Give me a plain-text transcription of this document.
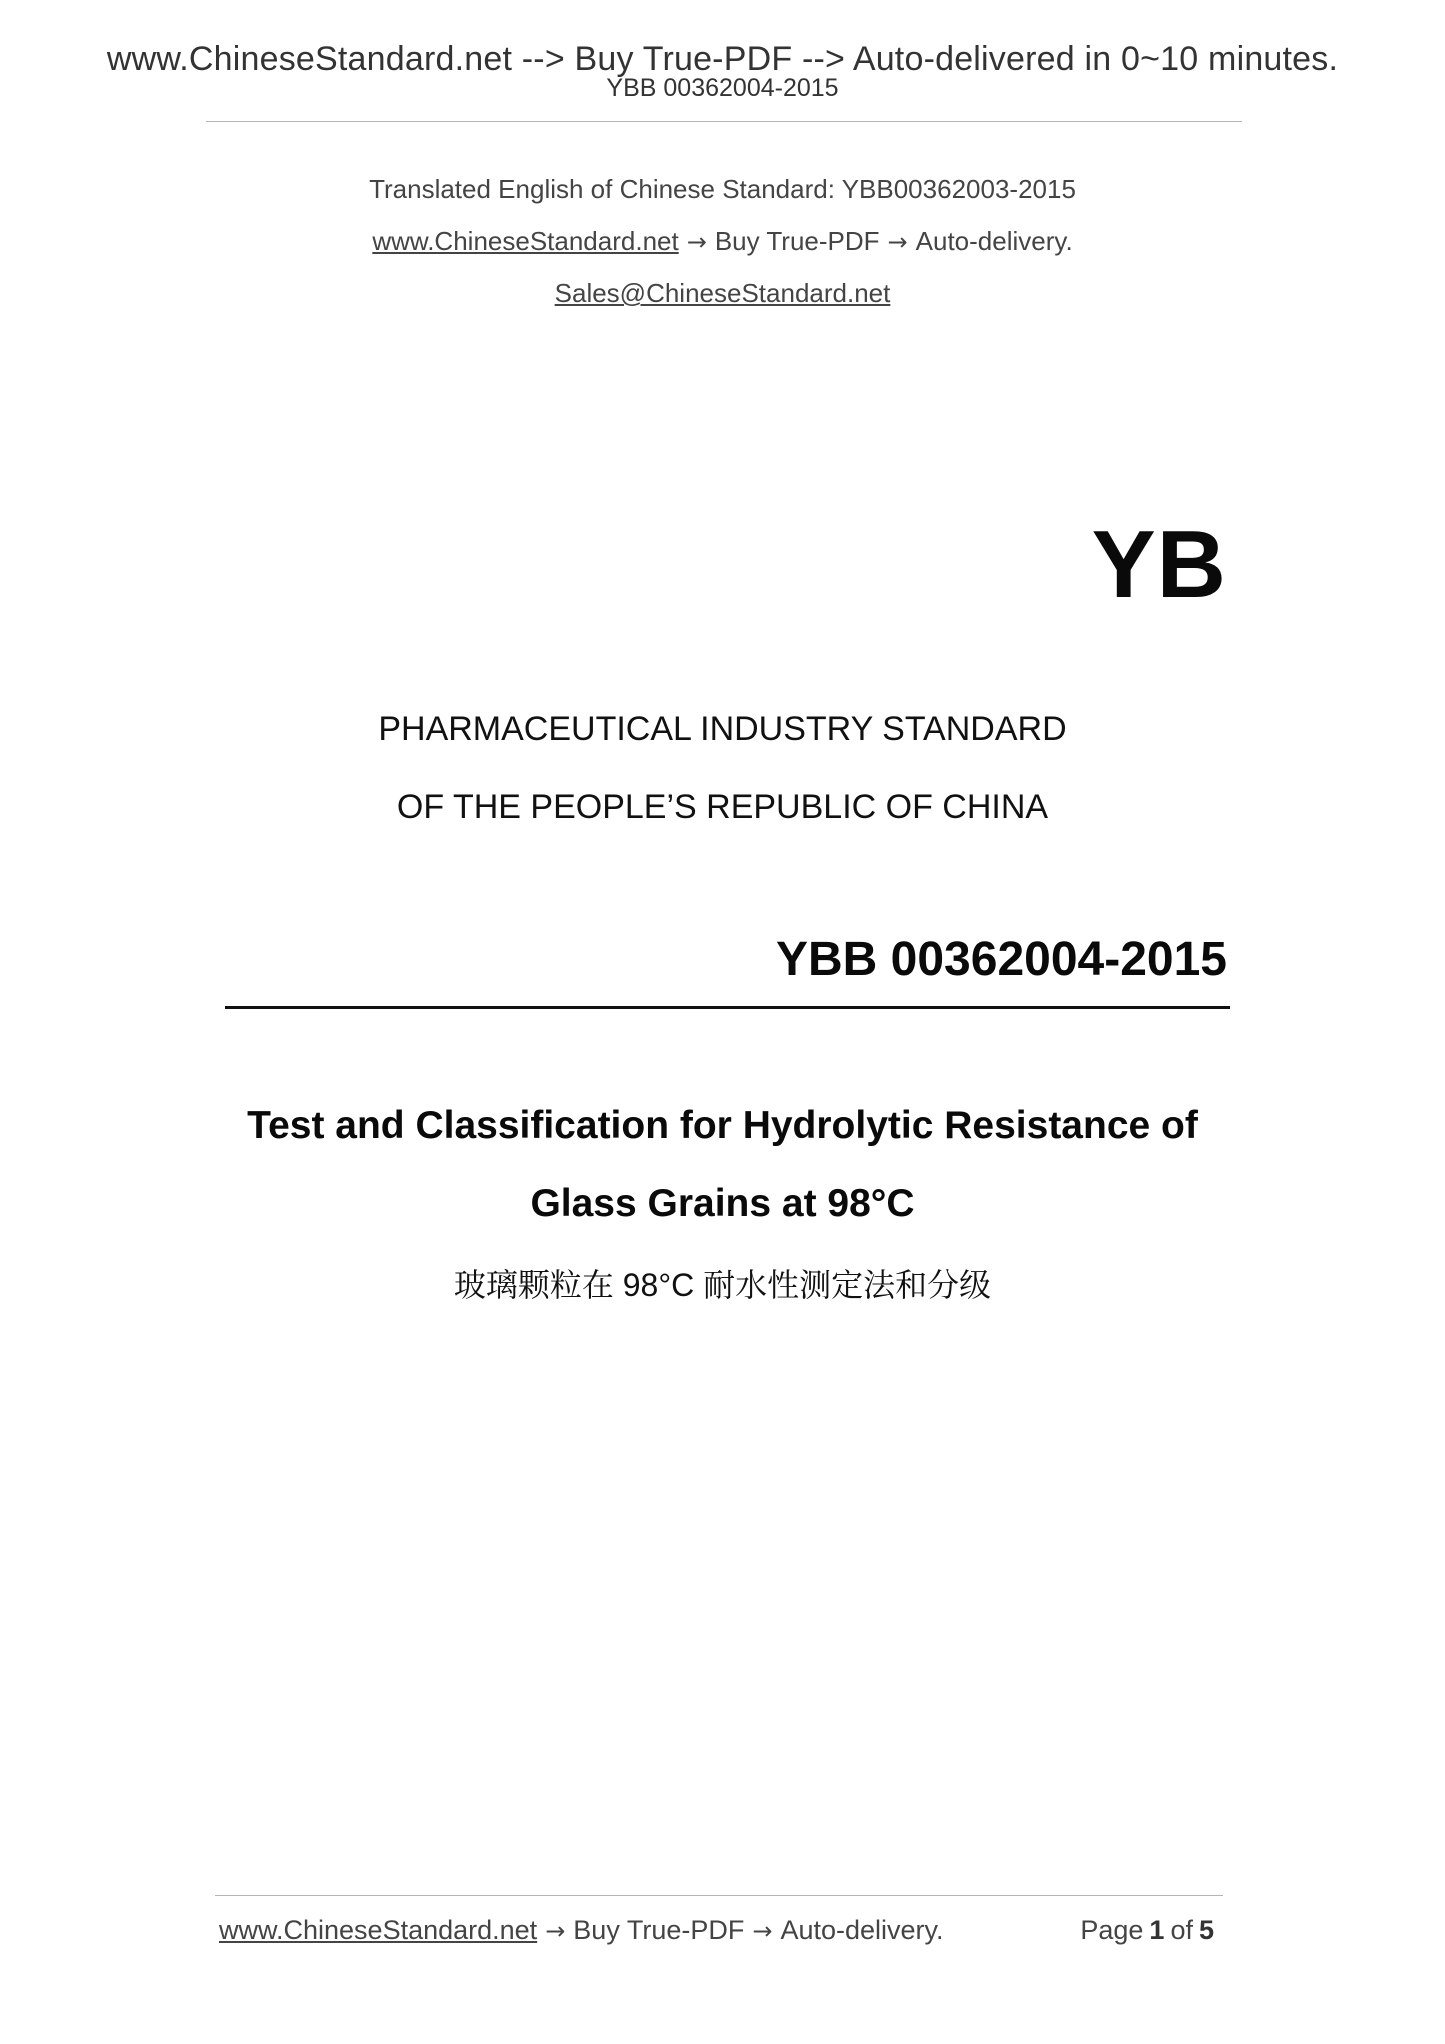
www.ChineseStandard.net --> Buy True-PDF --> Auto-delivered in 0~10 minutes.
YBB 00362004-2015
Translated English of Chinese Standard: YBB00362003-2015
www.ChineseStandard.net → Buy True-PDF → Auto-delivery.
Sales@ChineseStandard.net
YB
PHARMACEUTICAL INDUSTRY STANDARD
OF THE PEOPLE’S REPUBLIC OF CHINA
YBB 00362004-2015
Test and Classification for Hydrolytic Resistance of
Glass Grains at 98°C
玻璃颗粒在 98°C 耐水性测定法和分级
www.ChineseStandard.net → Buy True-PDF → Auto-delivery.	Page 1 of 5
